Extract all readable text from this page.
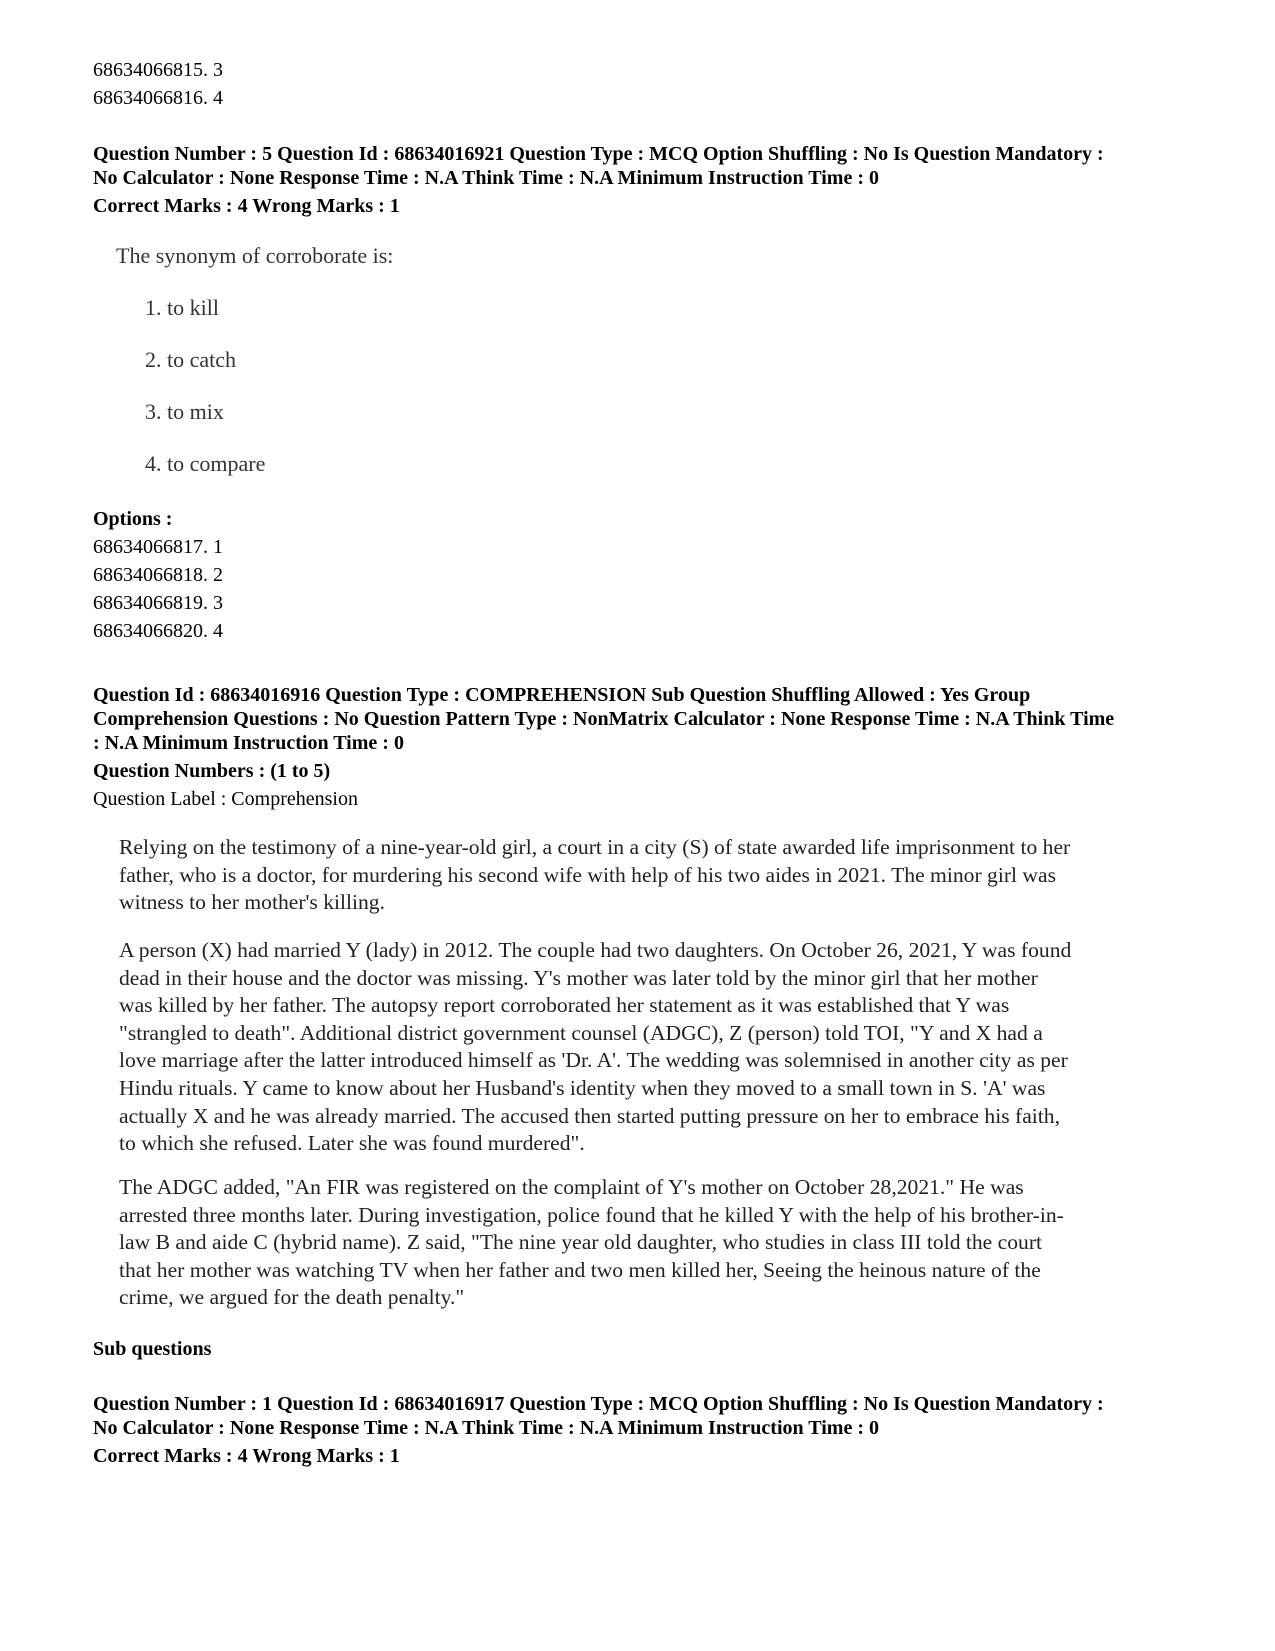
68634066815. 3
68634066816. 4
Question Number : 5 Question Id : 68634016921 Question Type : MCQ Option Shuffling : No Is Question Mandatory :
No Calculator : None Response Time : N.A Think Time : N.A Minimum Instruction Time : 0
Correct Marks : 4 Wrong Marks : 1
The synonym of corroborate is:
1. to kill
2. to catch
3. to mix
4. to compare
Options :
68634066817. 1
68634066818. 2
68634066819. 3
68634066820. 4
Question Id : 68634016916 Question Type : COMPREHENSION Sub Question Shuffling Allowed : Yes Group
Comprehension Questions : No Question Pattern Type : NonMatrix Calculator : None Response Time : N.A Think Time
: N.A Minimum Instruction Time : 0
Question Numbers : (1 to 5)
Question Label : Comprehension

Relying on the testimony of a nine-year-old girl, a court in a city (S) of state awarded life imprisonment to her
father, who is a doctor, for murdering his second wife with help of his two aides in 2021. The minor girl was
witness to her mother's killing.

A person (X) had married Y (lady) in 2012. The couple had two daughters. On October 26, 2021, Y was found
dead in their house and the doctor was missing. Y's mother was later told by the minor girl that her mother
was killed by her father. The autopsy report corroborated her statement as it was established that Y was
"strangled to death". Additional district government counsel (ADGC), Z (person) told TOI, "Y and X had a
love marriage after the latter introduced himself as 'Dr. A'. The wedding was solemnised in another city as per
Hindu rituals. Y came to know about her Husband's identity when they moved to a small town in S. 'A' was
actually X and he was already married. The accused then started putting pressure on her to embrace his faith,
to which she refused. Later she was found murdered".

The ADGC added, "An FIR was registered on the complaint of Y's mother on October 28,2021." He was
arrested three months later. During investigation, police found that he killed Y with the help of his brother-in-
law B and aide C (hybrid name). Z said, "The nine year old daughter, who studies in class III told the court
that her mother was watching TV when her father and two men killed her, Seeing the heinous nature of the
crime, we argued for the death penalty."

Sub questions
Question Number : 1 Question Id : 68634016917 Question Type : MCQ Option Shuffling : No Is Question Mandatory :
No Calculator : None Response Time : N.A Think Time : N.A Minimum Instruction Time : 0
Correct Marks : 4 Wrong Marks : 1
